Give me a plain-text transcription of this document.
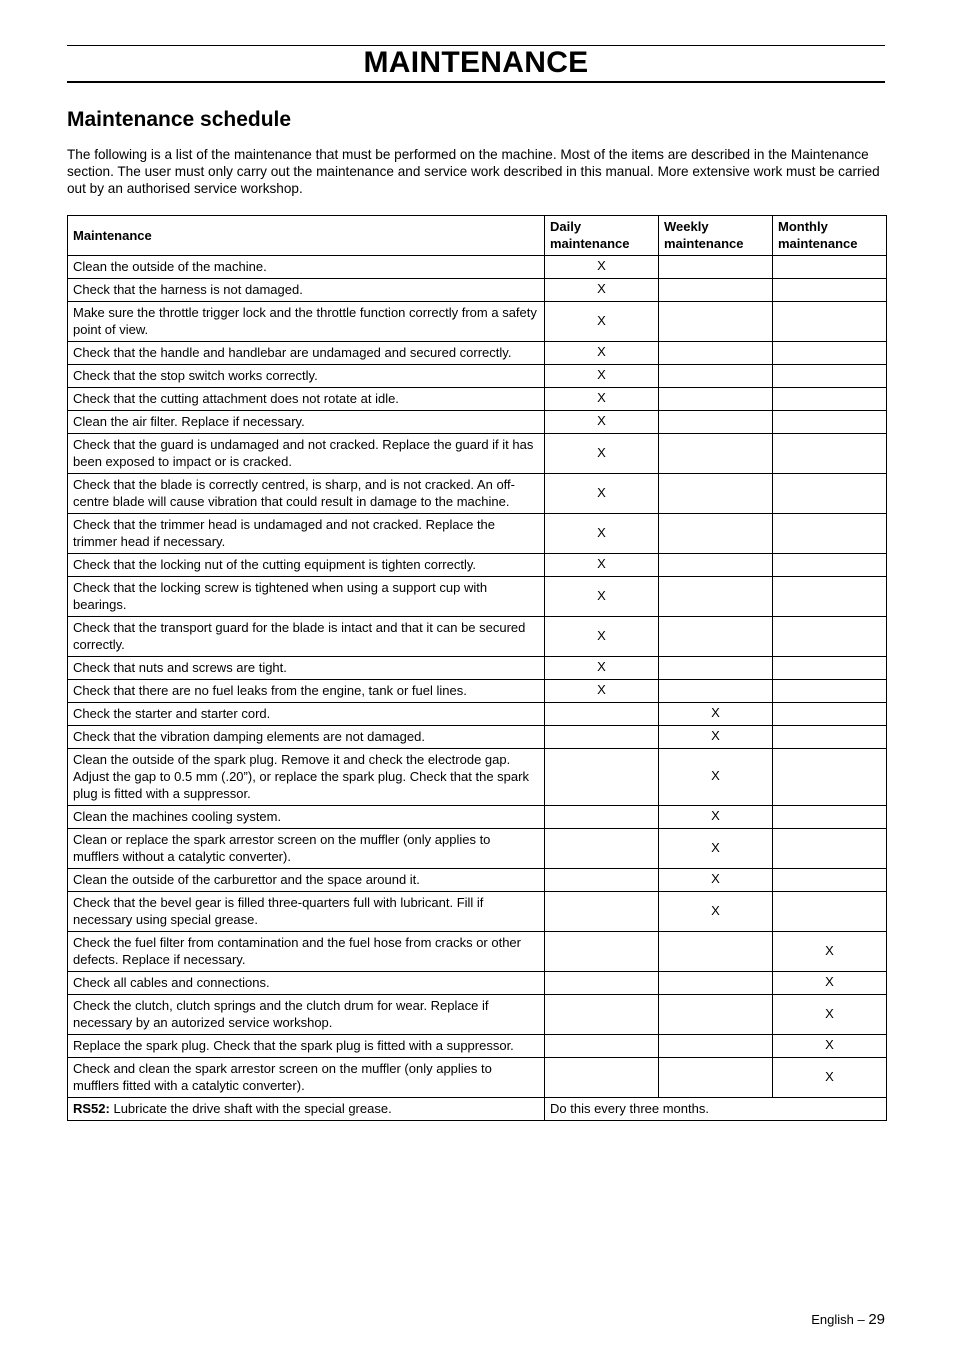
MAINTENANCE
Maintenance schedule

The following is a list of the maintenance that must be performed on the machine. Most of the items are described in the Maintenance section. The user must only carry out the maintenance and service work described in this manual. More extensive work must be carried out by an authorised service workshop.

Maintenance	Daily maintenance	Weekly maintenance	Monthly maintenance
Clean the outside of the machine.	X		
Check that the harness is not damaged.	X		
Make sure the throttle trigger lock and the throttle function correctly from a safety point of view.	X		
Check that the handle and handlebar are undamaged and secured correctly.	X		
Check that the stop switch works correctly.	X		
Check that the cutting attachment does not rotate at idle.	X		
Clean the air filter. Replace if necessary.	X		
Check that the guard is undamaged and not cracked. Replace the guard if it has been exposed to impact or is cracked.	X		
Check that the blade is correctly centred, is sharp, and is not cracked. An off-centre blade will cause vibration that could result in damage to the machine.	X		
Check that the trimmer head is undamaged and not cracked. Replace the trimmer head if necessary.	X		
Check that the locking nut of the cutting equipment is tighten correctly.	X		
Check that the locking screw is tightened when using a support cup with bearings.	X		
Check that the transport guard for the blade is intact and that it can be secured correctly.	X		
Check that nuts and screws are tight.	X		
Check that there are no fuel leaks from the engine, tank or fuel lines.	X		
Check the starter and starter cord.		X	
Check that the vibration damping elements are not damaged.		X	
Clean the outside of the spark plug. Remove it and check the electrode gap. Adjust the gap to 0.5 mm (.20”), or replace the spark plug. Check that the spark plug is fitted with a suppressor.		X	
Clean the machines cooling system.		X	
Clean or replace the spark arrestor screen on the muffler (only applies to mufflers without a catalytic converter).		X	
Clean the outside of the carburettor and the space around it.		X	
Check that the bevel gear is filled three-quarters full with lubricant. Fill if necessary using special grease.		X	
Check the fuel filter from contamination and the fuel hose from cracks or other defects. Replace if necessary.			X
Check all cables and connections.			X
Check the clutch, clutch springs and the clutch drum for wear. Replace if necessary by an autorized service workshop.			X
Replace the spark plug. Check that the spark plug is fitted with a suppressor.			X
Check and clean the spark arrestor screen on the muffler (only applies to mufflers fitted with a catalytic converter).			X
RS52: Lubricate the drive shaft with the special grease.	Do this every three months.		
English – 29
